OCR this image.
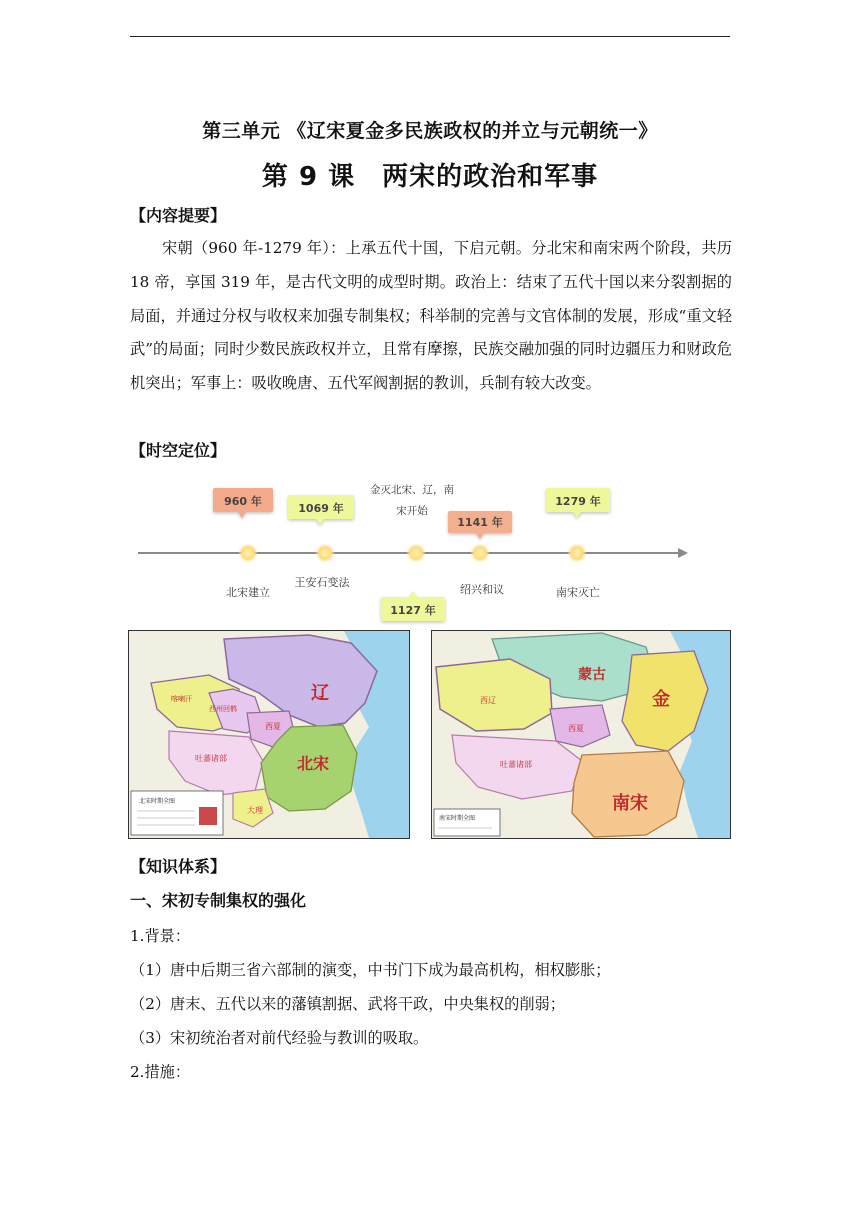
第三单元 《辽宋夏金多民族政权的并立与元朝统一》
第 9 课　两宋的政治和军事
【内容提要】
宋朝（960 年-1279 年）：上承五代十国，下启元朝。分北宋和南宋两个阶段，共历 18 帝，享国 319 年，是古代文明的成型时期。政治上：结束了五代十国以来分裂割据的局面，并通过分权与收权来加强专制集权；科举制的完善与文官体制的发展，形成“重文轻武”的局面；同时少数民族政权并立，且常有摩擦，民族交融加强的同时边疆压力和财政危机突出；军事上：吸收晚唐、五代军阀割据的教训，兵制有较大改变。
【时空定位】
960 年
1069 年
金灭北宋、辽，南
宋开始
1141 年
1279 年
1127 年
北宋建立
王安石变法
绍兴和议	南宋灭亡
辽
北宋
西夏
吐蕃诸部
大理
西州回鹘
喀喇汗
北宋时期全图
蒙古
金
西辽
西夏
吐蕃诸部
南宋
南宋时期全图
【知识体系】
一、宋初专制集权的强化
1.背景：
（1）唐中后期三省六部制的演变，中书门下成为最高机构，相权膨胀；
（2）唐末、五代以来的藩镇割据、武将干政，中央集权的削弱；
（3）宋初统治者对前代经验与教训的吸取。
2.措施：
